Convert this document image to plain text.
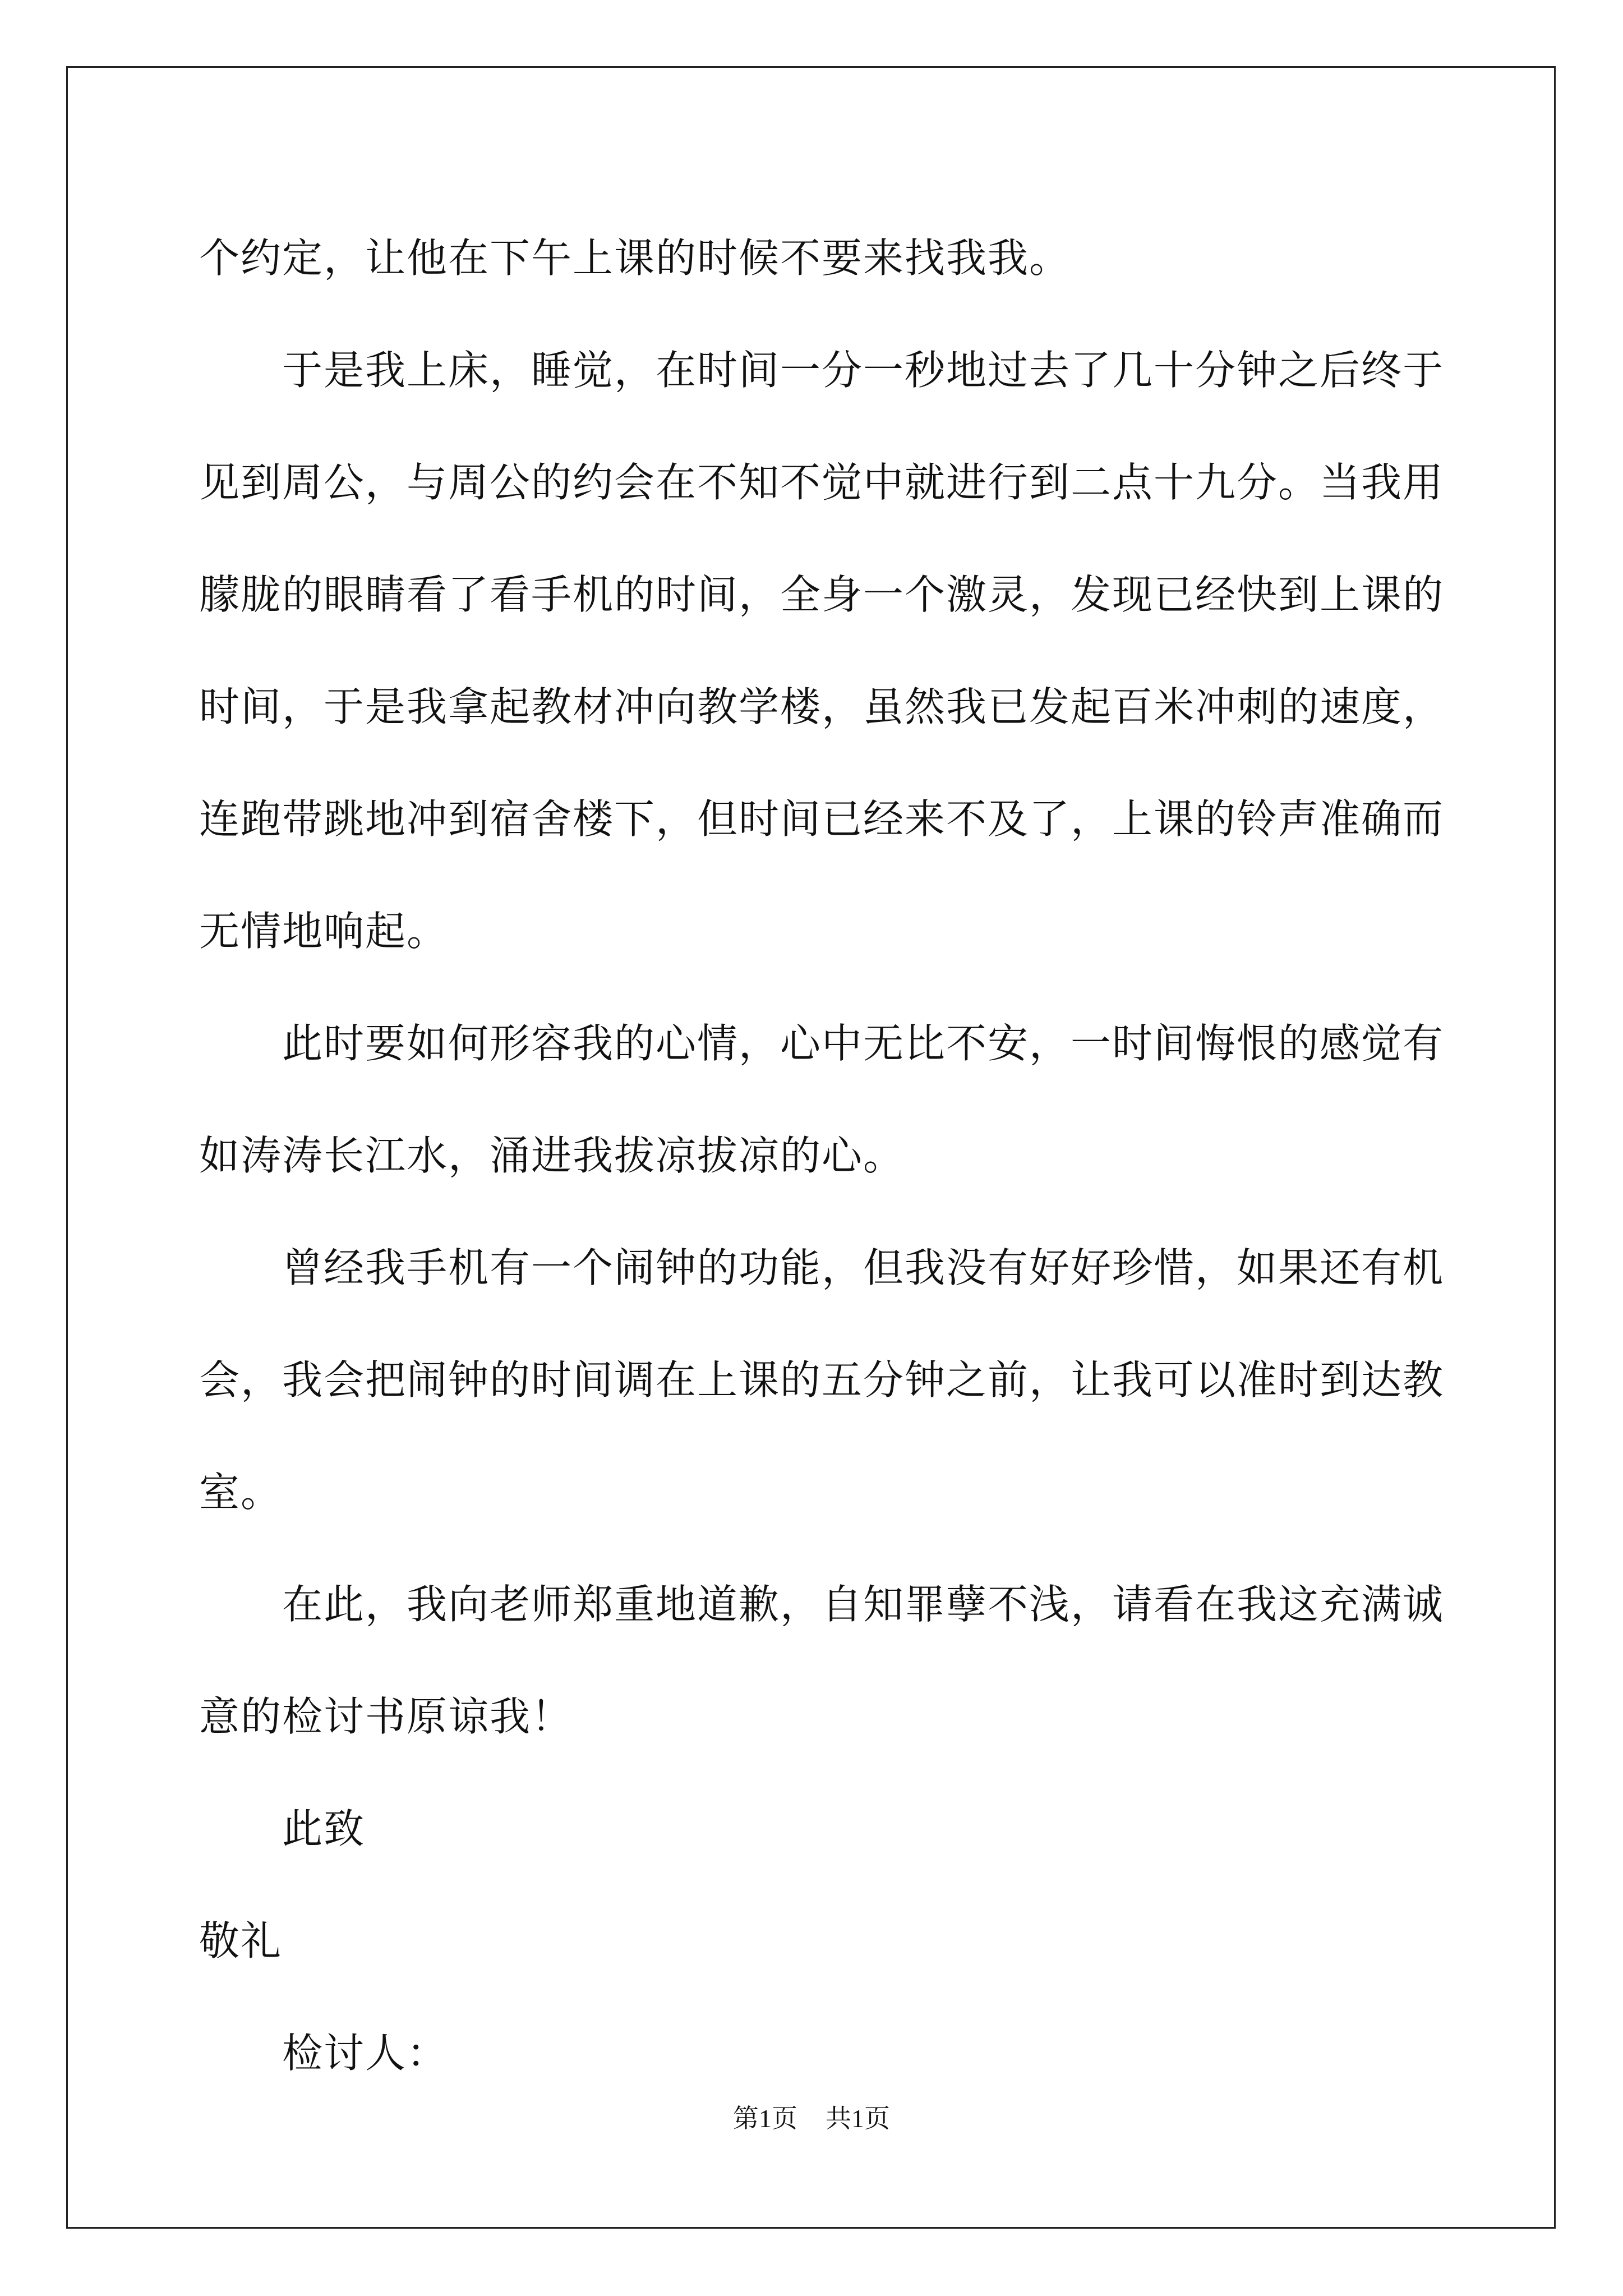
个约定，让他在下午上课的时候不要来找我我。
于是我上床，睡觉，在时间一分一秒地过去了几十分钟之后终于
见到周公，与周公的约会在不知不觉中就进行到二点十九分。当我用
朦胧的眼睛看了看手机的时间，全身一个激灵，发现已经快到上课的
时间，于是我拿起教材冲向教学楼，虽然我已发起百米冲刺的速度，
连跑带跳地冲到宿舍楼下，但时间已经来不及了，上课的铃声准确而
无情地响起。
此时要如何形容我的心情，心中无比不安，一时间悔恨的感觉有
如涛涛长江水，涌进我拔凉拔凉的心。
曾经我手机有一个闹钟的功能，但我没有好好珍惜，如果还有机
会，我会把闹钟的时间调在上课的五分钟之前，让我可以准时到达教
室。
在此，我向老师郑重地道歉，自知罪孽不浅，请看在我这充满诚
意的检讨书原谅我！
此致
敬礼
检讨人：
第1页 共1页
